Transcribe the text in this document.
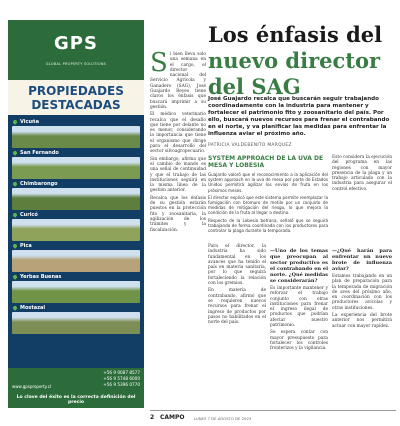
GPS
GLOBAL PROPERTY SOLUTIONS
PROPIEDADES
DESTACADAS
Vicuña
San Fernando
Chimbarongo
Curicó
Pica
Yerbas Buenas
Mostazal
+56 9 0087 8577
+56 9 5748 6000
+56 9 5396 0770
www.gpsproperty.cl
Lo clave del éxito es la correcta definición del precio
Los énfasis del
nuevo director
del SAG
José Guajardo recalca que buscarán seguir trabajando coordinadamente con la industria para mantener y fortalecer el patrimonio fito y zoosanitario del país. Por ello, buscará nuevos recursos para frenar el contrabando en el norte, y va planificar las medidas para enfrentar la influenza aviar el próximo año.
PATRICIA VALDEBENITO MARQUEZ
S i bien lleva solo una semana en el cargo, el director nacional del Servicio Agrícola y Ganadero (SAG), José Guajardo Reyes tiene claros los énfasis que buscará imprimir a su gestión.

El médico veterinario recalca que el desafío que tiene por delante no es menor, considerando la importancia que tiene el organismo que dirige para el desarrollo del sector silvoagropecuario.

Sin embargo, afirma que el cambio de mando es una señal de continuidad y que el trabajo de las instituciones seguirá en la misma línea de la gestión anterior.

Recalca que los énfasis de su gestión estarán puestos en la protección fito y zoosanitaria, la agilización de los trámites y la fiscalización.

SYSTEM APPROACH DE LA UVA DE MESA Y LOBESIA

Guajardo valoró que el reconocimiento a la aplicación del system approach en la uva de mesa por parte de Estados Unidos permitirá agilizar los envíos de fruta en los próximos meses.

El director explicó que este sistema permite reemplazar la fumigación con bromuro de metilo por un conjunto de medidas de mitigación del riesgo, lo que mejora la condición de la fruta al llegar a destino.

Respecto de la Lobesia botrana, señaló que se seguirá trabajando de forma coordinada con los productores para controlar la plaga durante la temporada.

Esto considera la ejecución del programa en las regiones con mayor presencia de la plaga y un trabajo articulado con la industria para asegurar el control efectivo.

Para el director, la industria ha sido fundamental en los avances que ha tenido el país en materia sanitaria, por lo que seguirá fortaleciendo la relación con los gremios.

En materia de contrabando, afirmó que se requieren nuevos recursos para frenar el ingreso de productos por pasos no habilitados en el norte del país.

—Uno de los temas que preocupan al sector productivo es el contrabando en el norte. ¿Qué medidas se considerarán?

Es importante mantener y reforzar el trabajo conjunto con otras instituciones para frenar el ingreso ilegal de productos que podrían afectar nuestro patrimonio.

Se espera contar con mayor presupuesto para fortalecer los controles fronterizos y la vigilancia.

—¿Qué harán para enfrentar un nuevo brote de influenza aviar?

Estamos trabajando en un plan de preparación para la temporada de migración de aves del próximo año, en coordinación con los productores avícolas y otras instituciones.

La experiencia del brote anterior nos permitirá actuar con mayor rapidez.

2 CAMPO LUNES 7 DE AGOSTO DE 2023
